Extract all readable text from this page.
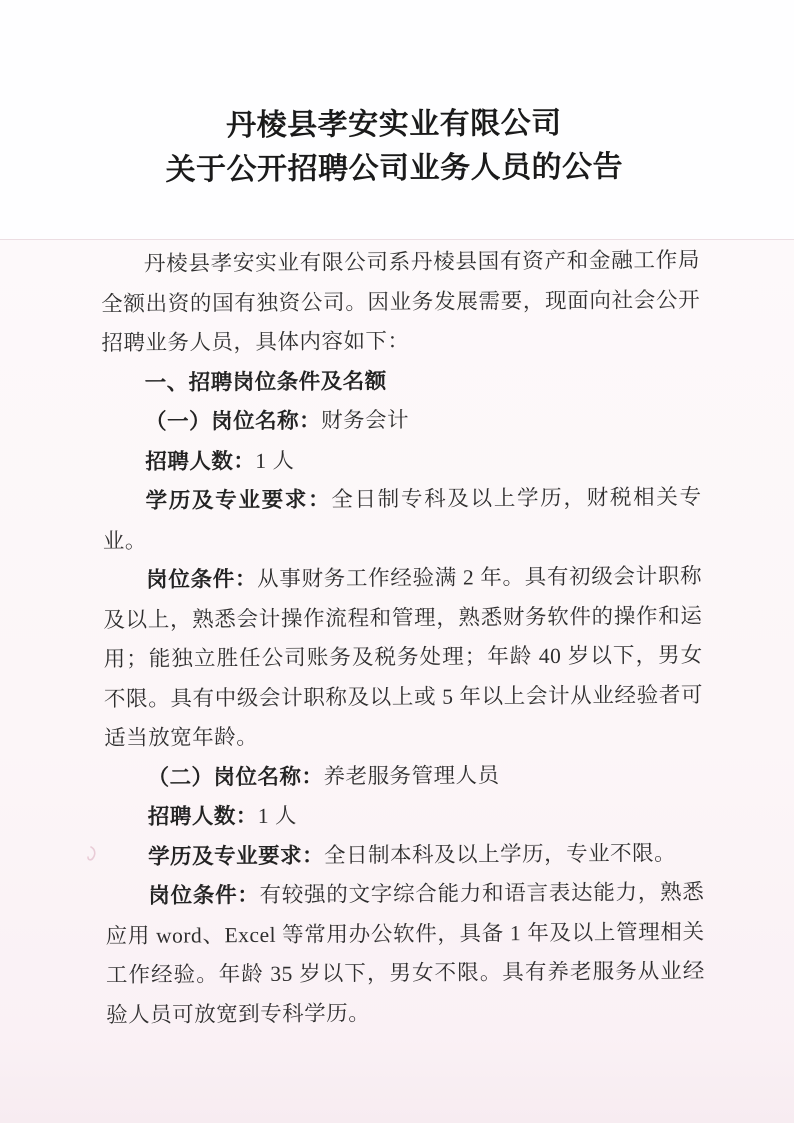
丹棱县孝安实业有限公司
关于公开招聘公司业务人员的公告

丹棱县孝安实业有限公司系丹棱县国有资产和金融工作局全额出资的国有独资公司。因业务发展需要，现面向社会公开招聘业务人员，具体内容如下：

一、招聘岗位条件及名额

（一）岗位名称：财务会计

招聘人数：1 人

学历及专业要求：全日制专科及以上学历，财税相关专业。

岗位条件：从事财务工作经验满 2 年。具有初级会计职称及以上，熟悉会计操作流程和管理，熟悉财务软件的操作和运用；能独立胜任公司账务及税务处理；年龄 40 岁以下，男女不限。具有中级会计职称及以上或 5 年以上会计从业经验者可适当放宽年龄。

（二）岗位名称：养老服务管理人员

招聘人数：1 人

学历及专业要求：全日制本科及以上学历，专业不限。

岗位条件：有较强的文字综合能力和语言表达能力，熟悉应用 word、Excel 等常用办公软件，具备 1 年及以上管理相关工作经验。年龄 35 岁以下，男女不限。具有养老服务从业经验人员可放宽到专科学历。
